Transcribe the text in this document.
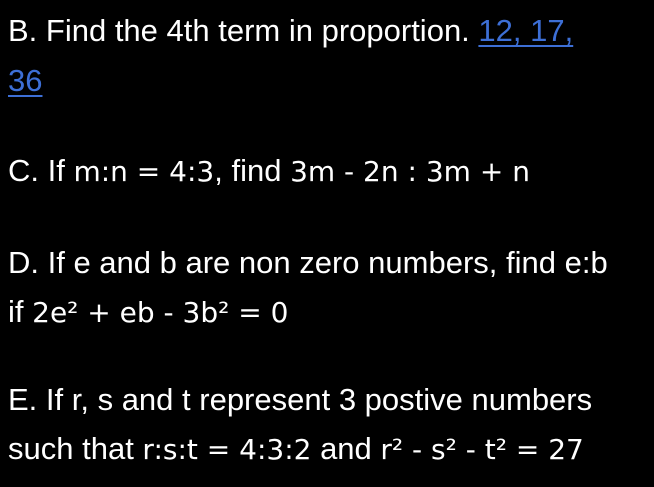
B. Find the 4th term in proportion. 12, 17,
36
C. If m:n = 4:3, find 3m - 2n : 3m + n
D. If e and b are non zero numbers, find e:b
if 2e² + eb - 3b² = 0
E. If r, s and t represent 3 postive numbers
such that r:s:t = 4:3:2 and r² - s² - t² = 27
